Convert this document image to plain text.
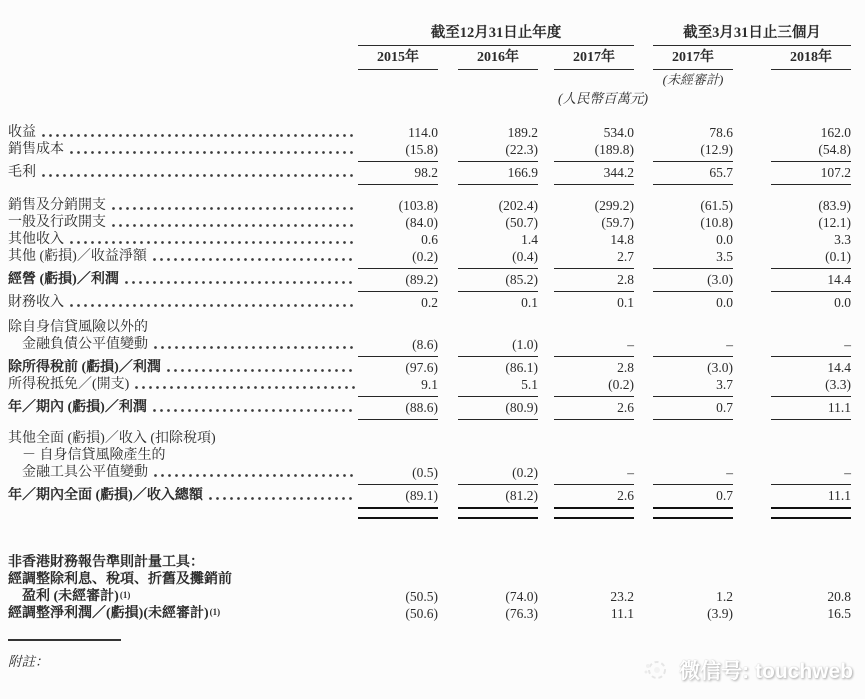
截至12月31日止年度	截至3月31日止三個月
2015年	2016年	2017年	2017年	2018年
(未經審計)
(人民幣百萬元)
收益	114.0	189.2	534.0	78.6	162.0
銷售成本	(15.8)	(22.3)	(189.8)	(12.9)	(54.8)
毛利	98.2	166.9	344.2	65.7	107.2
銷售及分銷開支	(103.8)	(202.4)	(299.2)	(61.5)	(83.9)
一般及行政開支	(84.0)	(50.7)	(59.7)	(10.8)	(12.1)
其他收入	0.6	1.4	14.8	0.0	3.3
其他 (虧損)／收益淨額	(0.2)	(0.4)	2.7	3.5	(0.1)
經營 (虧損)／利潤	(89.2)	(85.2)	2.8	(3.0)	14.4
財務收入	0.2	0.1	0.1	0.0	0.0
除自身信貸風險以外的
金融負債公平值變動	(8.6)	(1.0)	–	–	–
除所得稅前 (虧損)／利潤	(97.6)	(86.1)	2.8	(3.0)	14.4
所得稅抵免／(開支)	9.1	5.1	(0.2)	3.7	(3.3)
年／期內 (虧損)／利潤	(88.6)	(80.9)	2.6	0.7	11.1
其他全面 (虧損)／收入 (扣除稅項)
－ 自身信貸風險產生的
金融工具公平值變動	(0.5)	(0.2)	–	–	–
年／期內全面 (虧損)／收入總額	(89.1)	(81.2)	2.6	0.7	11.1
非香港財務報告準則計量工具：
經調整除利息、稅項、折舊及攤銷前
盈利 (未經審計) (1)	(50.5)	(74.0)	23.2	1.2	20.8
經調整淨利潤／(虧損)(未經審計) (1)	(50.6)	(76.3)	11.1	(3.9)	16.5
附註：	微信号: touchweb
